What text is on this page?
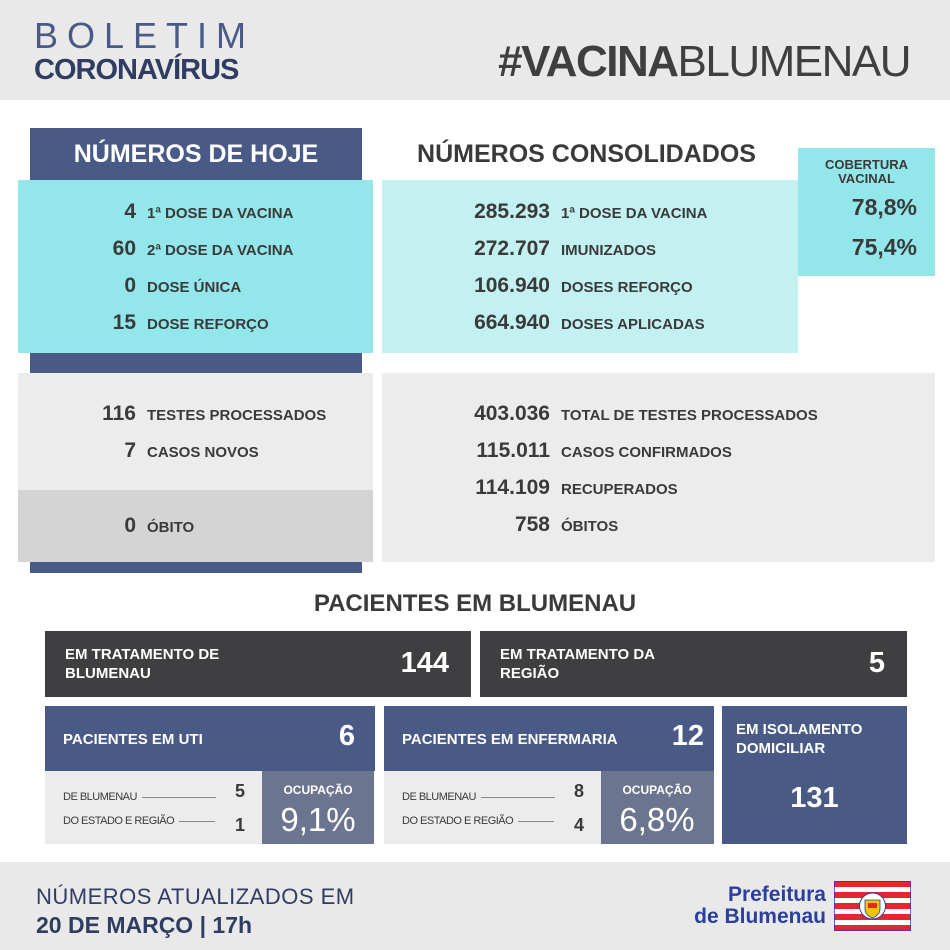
BOLETIM
CORONAVÍRUS	#VACINABLUMENAU
NÚMEROS DE HOJE
4 1ª DOSE DA VACINA
60 2ª DOSE DA VACINA
0 DOSE ÚNICA
15 DOSE REFORÇO
116 TESTES PROCESSADOS
7 CASOS NOVOS
0 ÓBITO
NÚMEROS CONSOLIDADOS	COBERTURA VACINAL
78,8%
75,4%
285.293 1ª DOSE DA VACINA
272.707 IMUNIZADOS
106.940 DOSES REFORÇO
664.940 DOSES APLICADAS
403.036 TOTAL DE TESTES PROCESSADOS
115.011 CASOS CONFIRMADOS
114.109 RECUPERADOS
758 ÓBITOS
PACIENTES EM BLUMENAU
EM TRATAMENTO DE BLUMENAU	144	EM TRATAMENTO DA REGIÃO	5
PACIENTES EM UTI	6
DE BLUMENAU	5
DO ESTADO E REGIÃO	1
OCUPAÇÃO
9,1%
PACIENTES EM ENFERMARIA 12
DE BLUMENAU	8
DO ESTADO E REGIÃO	4
OCUPAÇÃO
6,8%
EM ISOLAMENTO DOMICILIAR
131
NÚMEROS ATUALIZADOS EM
20 DE MARÇO | 17h
Prefeitura
de Blumenau
